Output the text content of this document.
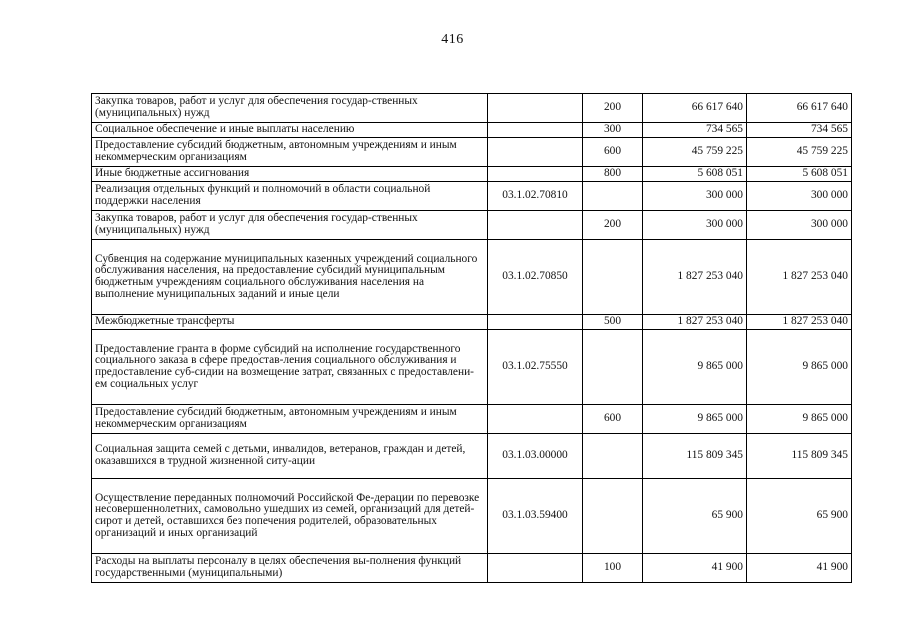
416
Закупка товаров, работ и услуг для обеспечения государ-ственных (муниципальных) нужд		200	66 617 640	66 617 640
Социальное обеспечение и иные выплаты населению		300	734 565	734 565
Предоставление субсидий бюджетным, автономным учреждениям и иным некоммерческим организациям		600	45 759 225	45 759 225
Иные бюджетные ассигнования		800	5 608 051	5 608 051
Реализация отдельных функций и полномочий в области социальной поддержки населения	03.1.02.70810		300 000	300 000
Закупка товаров, работ и услуг для обеспечения государ-ственных (муниципальных) нужд		200	300 000	300 000
Субвенция на содержание муниципальных казенных учреждений социального обслуживания населения, на предоставление субсидий муниципальным бюджетным учреждениям социального обслуживания населения на выполнение муниципальных заданий и иные цели	03.1.02.70850		1 827 253 040	1 827 253 040
Межбюджетные трансферты		500	1 827 253 040	1 827 253 040
Предоставление гранта в форме субсидий на исполнение государственного социального заказа в сфере предостав-ления социального обслуживания и предоставление суб-сидии на возмещение затрат, связанных с предоставлени-ем социальных услуг	03.1.02.75550		9 865 000	9 865 000
Предоставление субсидий бюджетным, автономным учреждениям и иным некоммерческим организациям		600	9 865 000	9 865 000
Социальная защита семей с детьми, инвалидов, ветеранов, граждан и детей, оказавшихся в трудной жизненной ситу-ации	03.1.03.00000		115 809 345	115 809 345
Осуществление переданных полномочий Российской Фе-дерации по перевозке несовершеннолетних, самовольно ушедших из семей, организаций для детей-сирот и детей, оставшихся без попечения родителей, образовательных организаций и иных организаций	03.1.03.59400		65 900	65 900
Расходы на выплаты персоналу в целях обеспечения вы-полнения функций государственными (муниципальными)		100	41 900	41 900
